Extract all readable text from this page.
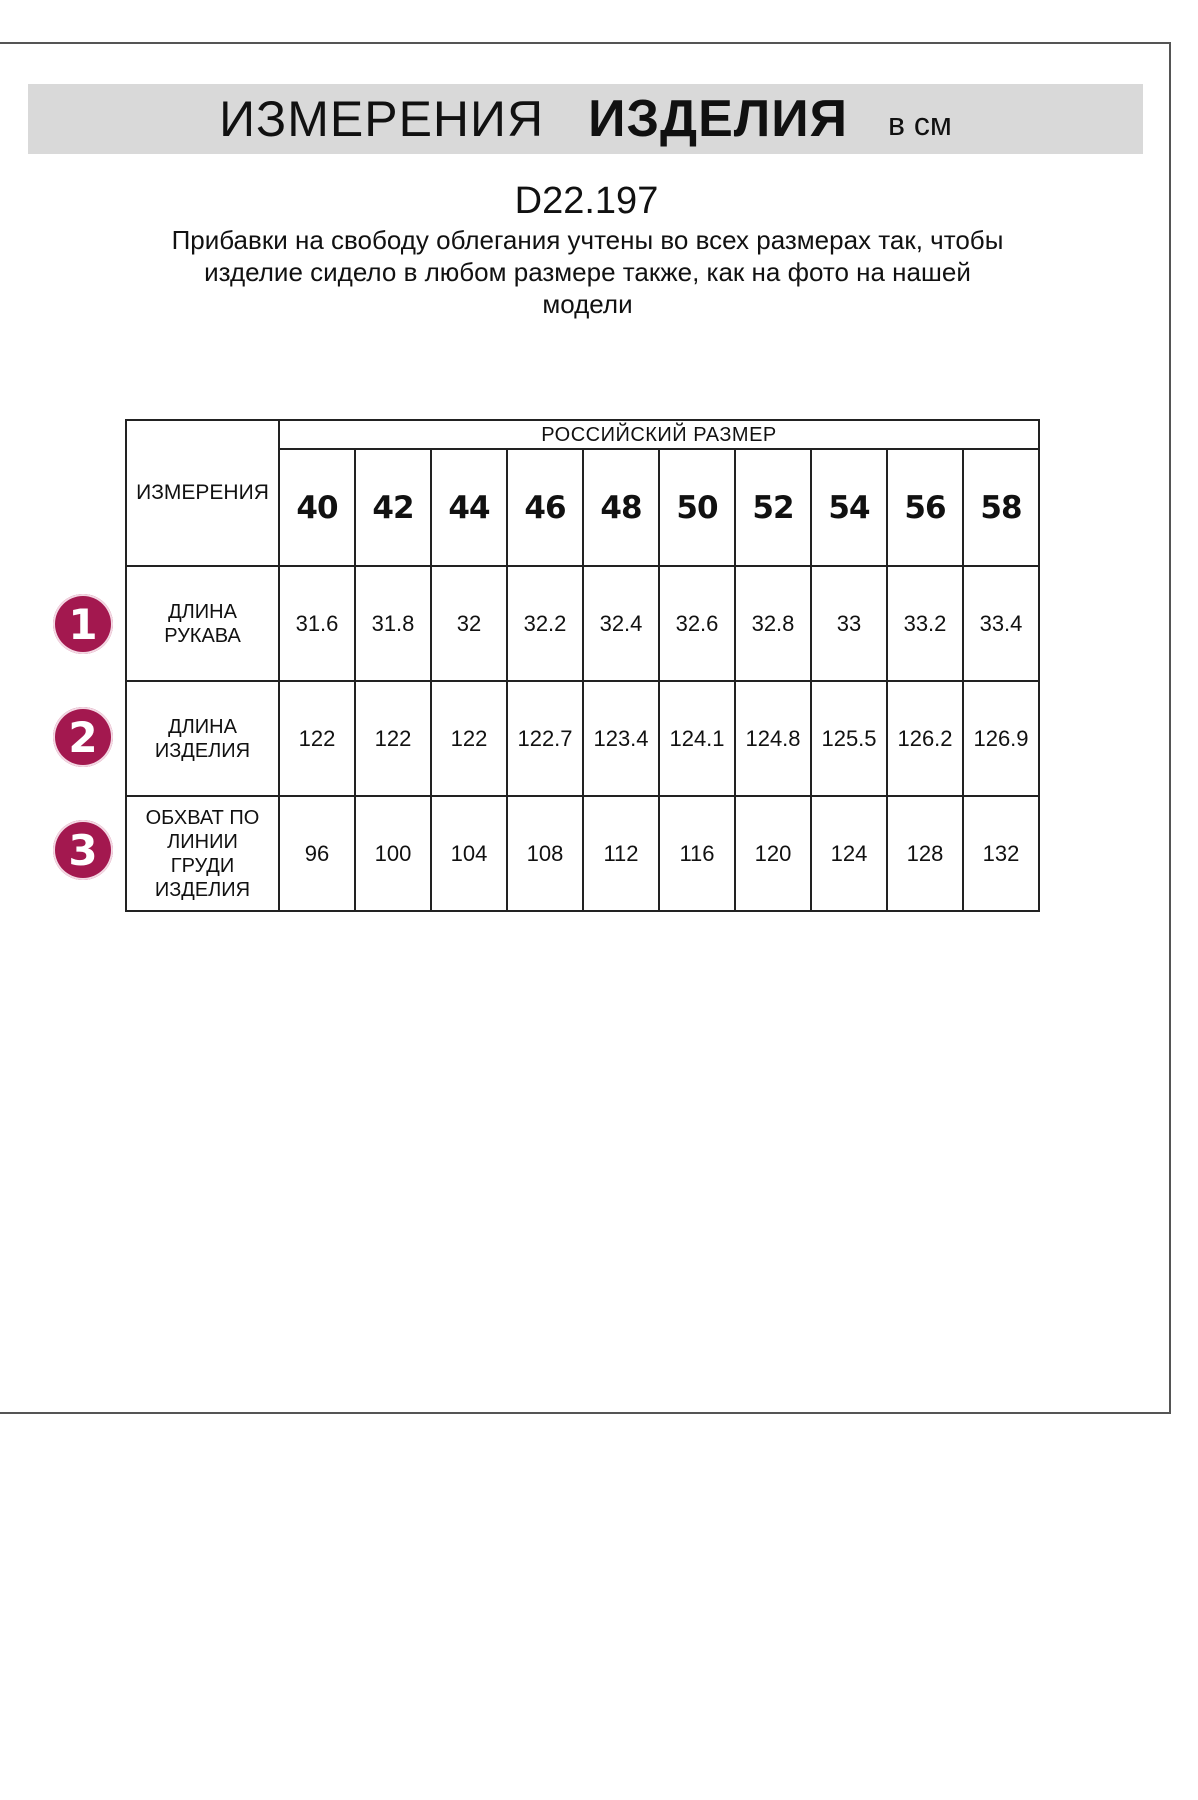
ИЗМЕРЕНИЯ ИЗДЕЛИЯ в см
D22.197
Прибавки на свободу облегания учтены во всех размерах так, чтобы
изделие сидело в любом размере также, как на фото на нашей
модели
1
2
3
ИЗМЕРЕНИЯ	РОССИЙСКИЙ РАЗМЕР									
	40	42	44	46	48	50	52	54	56	58

ДЛИНА
РУКАВА	31.6	31.8	32	32.2	32.4	32.6	32.8	33	33.2	33.4

ДЛИНА
ИЗДЕЛИЯ	122	122	122	122.7	123.4	124.1	124.8	125.5	126.2	126.9

ОБХВАТ ПО
ЛИНИИ
ГРУДИ
ИЗДЕЛИЯ	96	100	104	108	112	116	120	124	128	132
